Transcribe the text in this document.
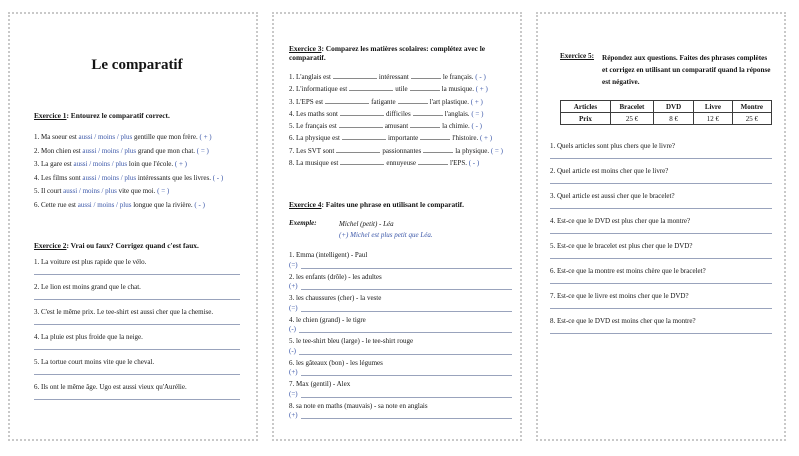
Le comparatif
Exercice 1: Entourez le comparatif correct.
1. Ma soeur est aussi / moins / plus gentille que mon frère. ( + )
2. Mon chien est aussi / moins / plus grand que mon chat. ( = )
3. La gare est aussi / moins / plus loin que l'école. ( + )
4. Les films sont aussi / moins / plus intéressants que les livres. ( - )
5. Il court aussi / moins / plus vite que moi. ( = )
6. Cette rue est aussi / moins / plus longue que la rivière. ( - )
Exercice 2: Vrai ou faux? Corrigez quand c'est faux.
1. La voiture est plus rapide que le vélo.
2. Le lion est moins grand que le chat.
3. C'est le même prix. Le tee-shirt est aussi cher que la chemise.
4. La pluie est plus froide que la neige.
5. La tortue court moins vite que le cheval.
6. Ils ont le même âge. Ugo est aussi vieux qu'Aurélie.
Exercice 3: Comparez les matières scolaires: complétez avec le comparatif.
1. L'anglais est	intéressant	le français. ( - )
2. L'informatique est	utile	la musique. ( + )
3. L'EPS est	fatigante	l'art plastique. ( + )
4. Les maths sont	difficiles	l'anglais. ( = )
5. Le français est	amusant	la chimie. ( - )
6. La physique est	importante	l'histoire. ( + )
7. Les SVT sont	passionnantes	la physique. ( = )
8. La musique est	ennuyeuse	l'EPS. ( - )
Exercice 4: Faites une phrase en utilisant le comparatif.
Exemple:	Michel (petit) - Léa
(+) Michel est plus petit que Léa.
1. Emma (intelligent) - Paul
(=)
2. les enfants (drôle) - les adultes
(+)
3. les chaussures (cher) - la veste
(=)
4. le chien (grand) - le tigre
(-)
5. le tee-shirt bleu (large) - le tee-shirt rouge
(-)
6. les gâteaux (bon) - les légumes
(+)
7. Max (gentil) - Alex
(=)
8. sa note en maths (mauvais) - sa note en anglais
(+)
Exercice 5: Répondez aux questions. Faites des phrases complètes et corrigez en utilisant un comparatif quand la réponse est négative.
Articles	Bracelet	DVD	Livre	Montre
Prix	25 €	8 €	12 €	25 €
1. Quels articles sont plus chers que le livre?
2. Quel article est moins cher que le livre?
3. Quel article est aussi cher que le bracelet?
4. Est-ce que le DVD est plus cher que la montre?
5. Est-ce que le bracelet est plus cher que le DVD?
6. Est-ce que la montre est moins chère que le bracelet?
7. Est-ce que le livre est moins cher que le DVD?
8. Est-ce que le DVD est moins cher que la montre?
